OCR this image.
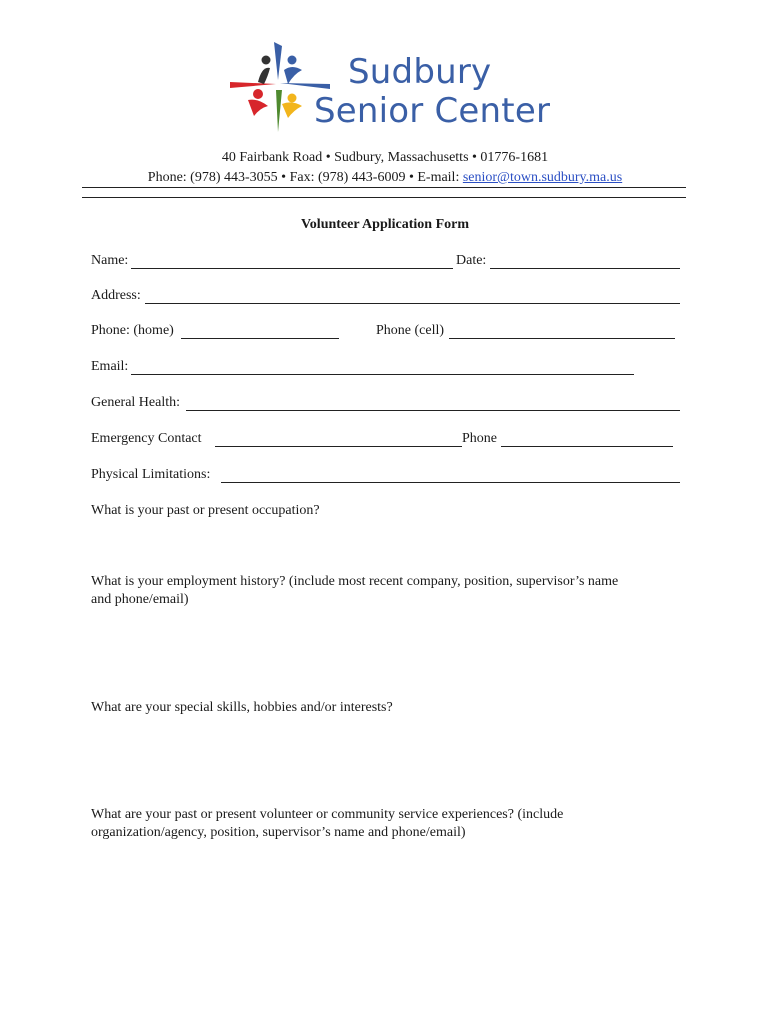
Sudbury
Senior Center
40 Fairbank Road • Sudbury, Massachusetts • 01776-1681
Phone: (978) 443-3055 • Fax: (978) 443-6009 • E-mail: senior@town.sudbury.ma.us
Volunteer Application Form
Name:	Date:
Address:
Phone: (home)	Phone (cell)
Email:
General Health:
Emergency Contact	Phone
Physical Limitations:
What is your past or present occupation?
What is your employment history? (include most recent company, position, supervisor’s name
and phone/email)
What are your special skills, hobbies and/or interests?
What are your past or present volunteer or community service experiences? (include
organization/agency, position, supervisor’s name and phone/email)
